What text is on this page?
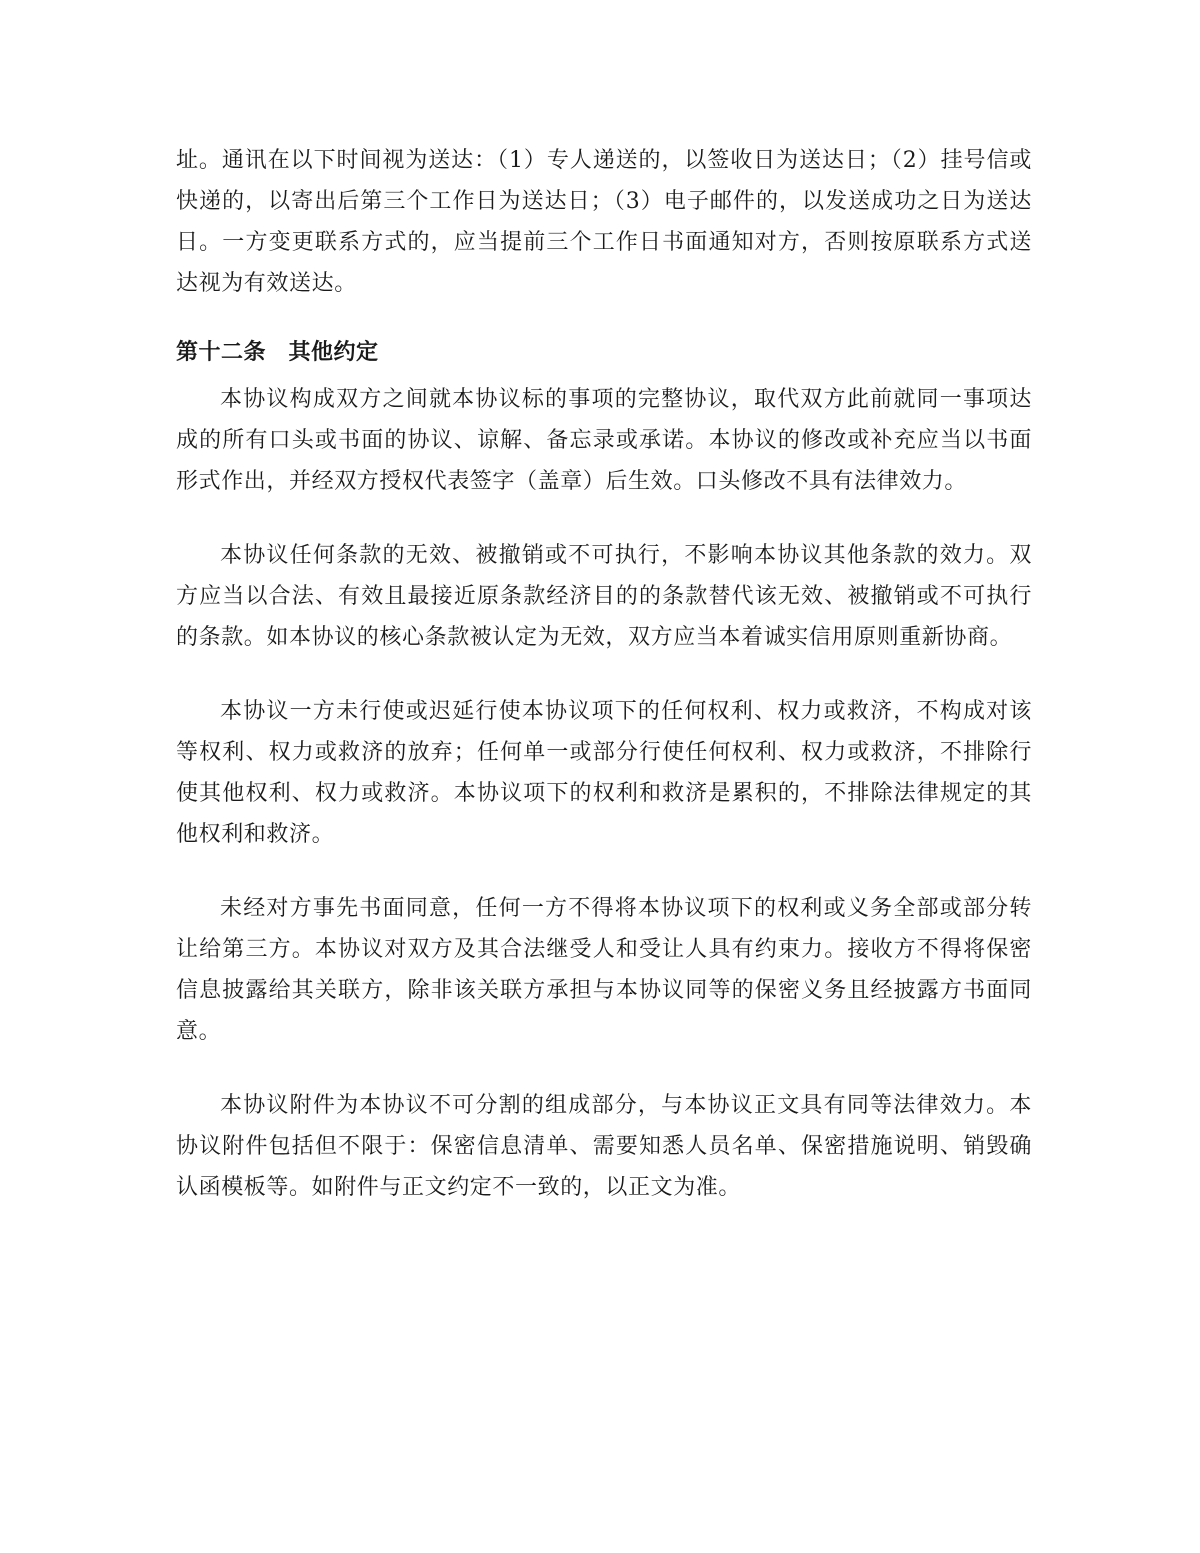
址。通讯在以下时间视为送达：（1）专人递送的，以签收日为送达日；（2）挂号信或快递的，以寄出后第三个工作日为送达日；（3）电子邮件的，以发送成功之日为送达日。一方变更联系方式的，应当提前三个工作日书面通知对方，否则按原联系方式送达视为有效送达。

第十二条　其他约定

本协议构成双方之间就本协议标的事项的完整协议，取代双方此前就同一事项达成的所有口头或书面的协议、谅解、备忘录或承诺。本协议的修改或补充应当以书面形式作出，并经双方授权代表签字（盖章）后生效。口头修改不具有法律效力。

本协议任何条款的无效、被撤销或不可执行，不影响本协议其他条款的效力。双方应当以合法、有效且最接近原条款经济目的的条款替代该无效、被撤销或不可执行的条款。如本协议的核心条款被认定为无效，双方应当本着诚实信用原则重新协商。

本协议一方未行使或迟延行使本协议项下的任何权利、权力或救济，不构成对该等权利、权力或救济的放弃；任何单一或部分行使任何权利、权力或救济，不排除行使其他权利、权力或救济。本协议项下的权利和救济是累积的，不排除法律规定的其他权利和救济。

未经对方事先书面同意，任何一方不得将本协议项下的权利或义务全部或部分转让给第三方。本协议对双方及其合法继受人和受让人具有约束力。接收方不得将保密信息披露给其关联方，除非该关联方承担与本协议同等的保密义务且经披露方书面同意。

本协议附件为本协议不可分割的组成部分，与本协议正文具有同等法律效力。本协议附件包括但不限于：保密信息清单、需要知悉人员名单、保密措施说明、销毁确认函模板等。如附件与正文约定不一致的，以正文为准。
